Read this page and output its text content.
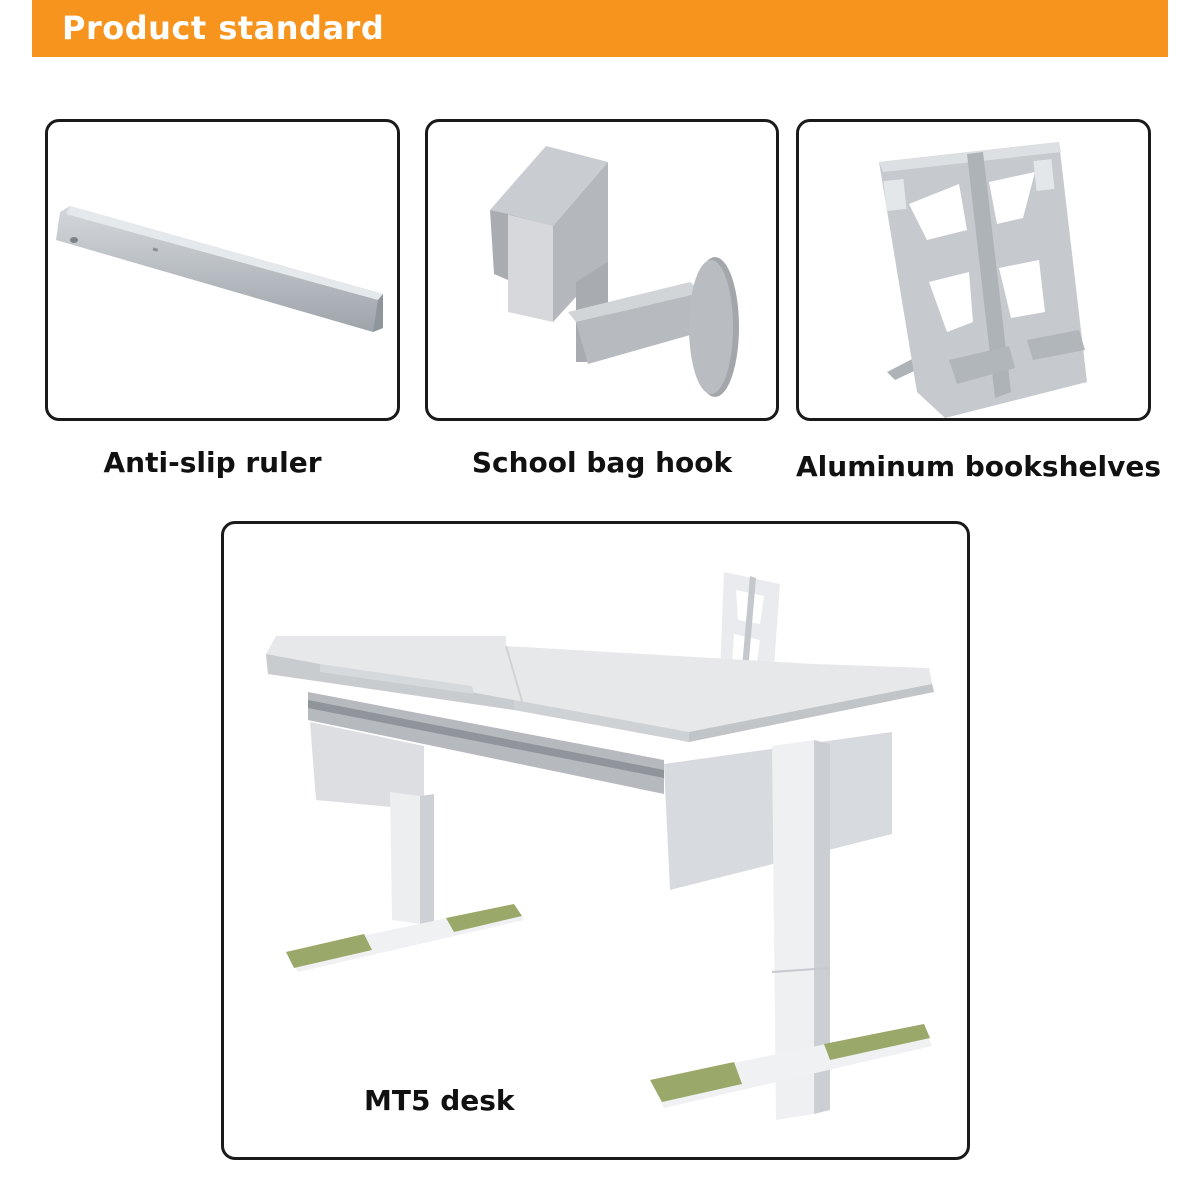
Product standard
Anti-slip ruler	School bag hook	Aluminum bookshelves
MT5 desk
